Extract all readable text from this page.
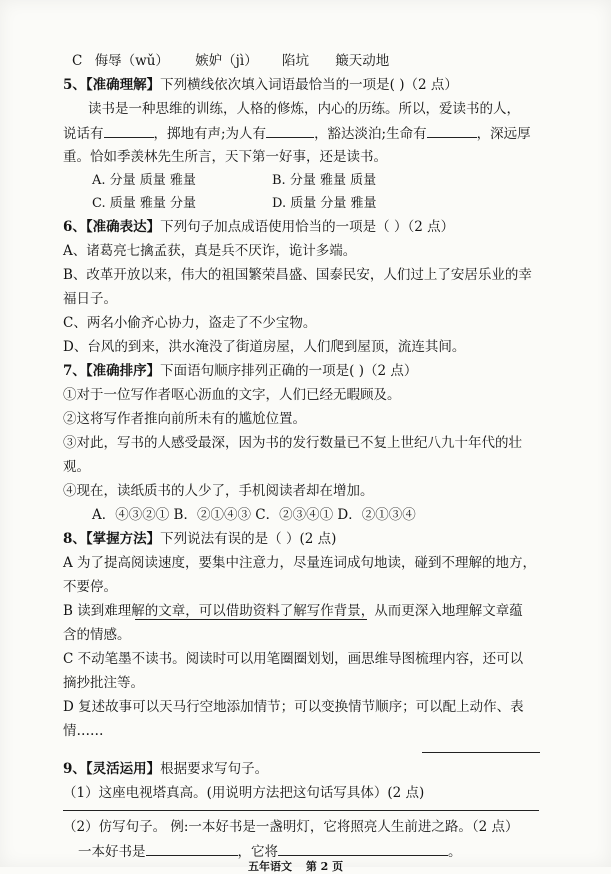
C 侮辱（wǔ） 嫉妒（jì） 陷坑 簸天动地
5、【准确理解】下列横线依次填入词语最恰当的一项是( )（2 点）
读书是一种思维的训练，人格的修炼，内心的历练。所以，爱读书的人，
说话有	，掷地有声;为人有	，豁达淡泊;生命有	，深远厚
重。恰如季羡林先生所言，天下第一好事，还是读书。
A. 分量 质量 雅量	B. 分量 雅量 质量
C. 质量 雅量 分量	D. 质量 分量 雅量
6、【准确表达】下列句子加点成语使用恰当的一项是（ ）（2 点）
A、诸葛亮七擒孟获，真是兵不厌诈，诡计多端。
B、改革开放以来，伟大的祖国繁荣昌盛、国泰民安，人们过上了安居乐业的幸
福日子。
C、两名小偷齐心协力，盗走了不少宝物。
D、台风的到来，洪水淹没了街道房屋，人们爬到屋顶，流连其间。
7、【准确排序】下面语句顺序排列正确的一项是( )（2 点）
①对于一位写作者呕心沥血的文字，人们已经无暇顾及。
②这将写作者推向前所未有的尴尬位置。
③对此，写书的人感受最深，因为书的发行数量已不复上世纪八九十年代的壮
观。
④现在，读纸质书的人少了，手机阅读者却在增加。
A．④③②① B．②①④③ C．②③④① D．②①③④
8、【掌握方法】下列说法有误的是（ ）(2 点)
A 为了提高阅读速度，要集中注意力，尽量连词成句地读，碰到不理解的地方，
不要停。
B 读到难理解的文章，可以借助资料了解写作背景，从而更深入地理解文章蕴
含的情感。
C 不动笔墨不读书。阅读时可以用笔圈圈划划，画思维导图梳理内容，还可以
摘抄批注等。
D 复述故事可以天马行空地添加情节；可以变换情节顺序；可以配上动作、表
情……
9、【灵活运用】根据要求写句子。
（1）这座电视塔真高。(用说明方法把这句话写具体）(2 点)
（2）仿写句子。 例:一本好书是一盏明灯，它将照亮人生前进之路。（2 点）
一本好书是	，它将	。
五年语文 第 2 页
